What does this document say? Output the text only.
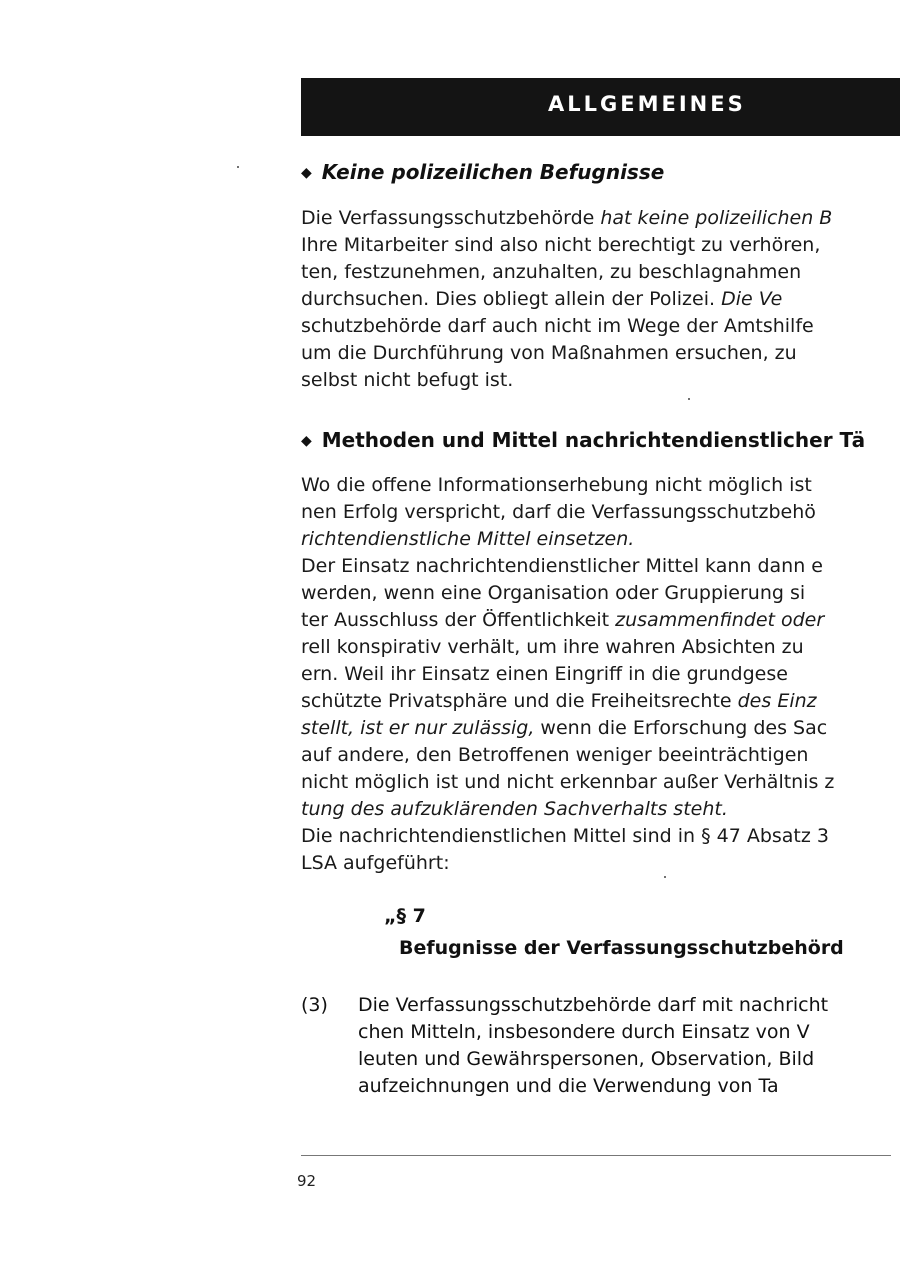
ALLGEMEINES
◆ Keine polizeilichen Befugnisse
Die Verfassungsschutzbehörde hat keine polizeilichen B
Ihre Mitarbeiter sind also nicht berechtigt zu verhören,
ten, festzunehmen, anzuhalten, zu beschlagnahmen
durchsuchen. Dies obliegt allein der Polizei. Die Ve
schutzbehörde darf auch nicht im Wege der Amtshilfe
um die Durchführung von Maßnahmen ersuchen, zu
selbst nicht befugt ist.
◆ Methoden und Mittel nachrichtendienstlicher Tä
Wo die offene Informationserhebung nicht möglich ist
nen Erfolg verspricht, darf die Verfassungsschutzbehö
richtendienstliche Mittel einsetzen.
Der Einsatz nachrichtendienstlicher Mittel kann dann e
werden, wenn eine Organisation oder Gruppierung si
ter Ausschluss der Öffentlichkeit zusammenfindet oder
rell konspirativ verhält, um ihre wahren Absichten zu
ern. Weil ihr Einsatz einen Eingriff in die grundgese
schützte Privatsphäre und die Freiheitsrechte des Einz
stellt, ist er nur zulässig, wenn die Erforschung des Sac
auf andere, den Betroffenen weniger beeinträchtigen
nicht möglich ist und nicht erkennbar außer Verhältnis z
tung des aufzuklärenden Sachverhalts steht.
Die nachrichtendienstlichen Mittel sind in § 47 Absatz 3
LSA aufgeführt:
„§ 7
Befugnisse der Verfassungsschutzbehörd
(3) Die Verfassungsschutzbehörde darf mit nachricht
chen Mitteln, insbesondere durch Einsatz von V
leuten und Gewährspersonen, Observation, Bild
aufzeichnungen und die Verwendung von Ta
92
